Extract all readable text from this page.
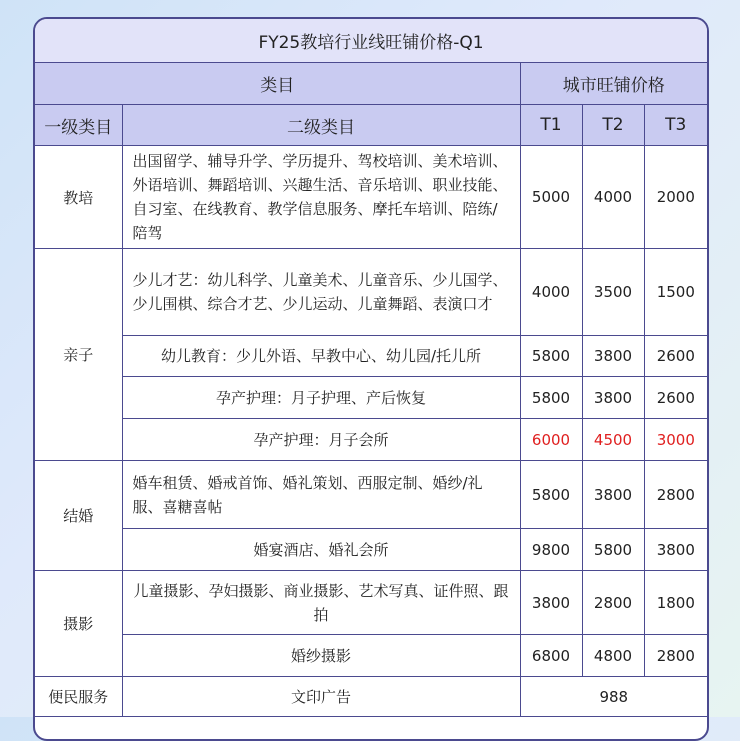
FY25教培行业线旺铺价格-Q1				
类目		城市旺铺价格		
一级类目	二级类目	T1	T2	T3
教培	出国留学、辅导升学、学历提升、驾校培训、美术培训、外语培训、舞蹈培训、兴趣生活、音乐培训、职业技能、自习室、在线教育、教学信息服务、摩托车培训、陪练/陪驾	5000	4000	2000
亲子	少儿才艺：幼儿科学、儿童美术、儿童音乐、少儿国学、少儿围棋、综合才艺、少儿运动、儿童舞蹈、表演口才	4000	3500	1500
	幼儿教育：少儿外语、早教中心、幼儿园/托儿所	5800	3800	2600
	孕产护理：月子护理、产后恢复	5800	3800	2600
	孕产护理：月子会所	6000	4500	3000
结婚	婚车租赁、婚戒首饰、婚礼策划、西服定制、婚纱/礼服、喜糖喜帖	5800	3800	2800
	婚宴酒店、婚礼会所	9800	5800	3800
摄影	儿童摄影、孕妇摄影、商业摄影、艺术写真、证件照、跟拍	3800	2800	1800
	婚纱摄影	6800	4800	2800
便民服务	文印广告	988		
